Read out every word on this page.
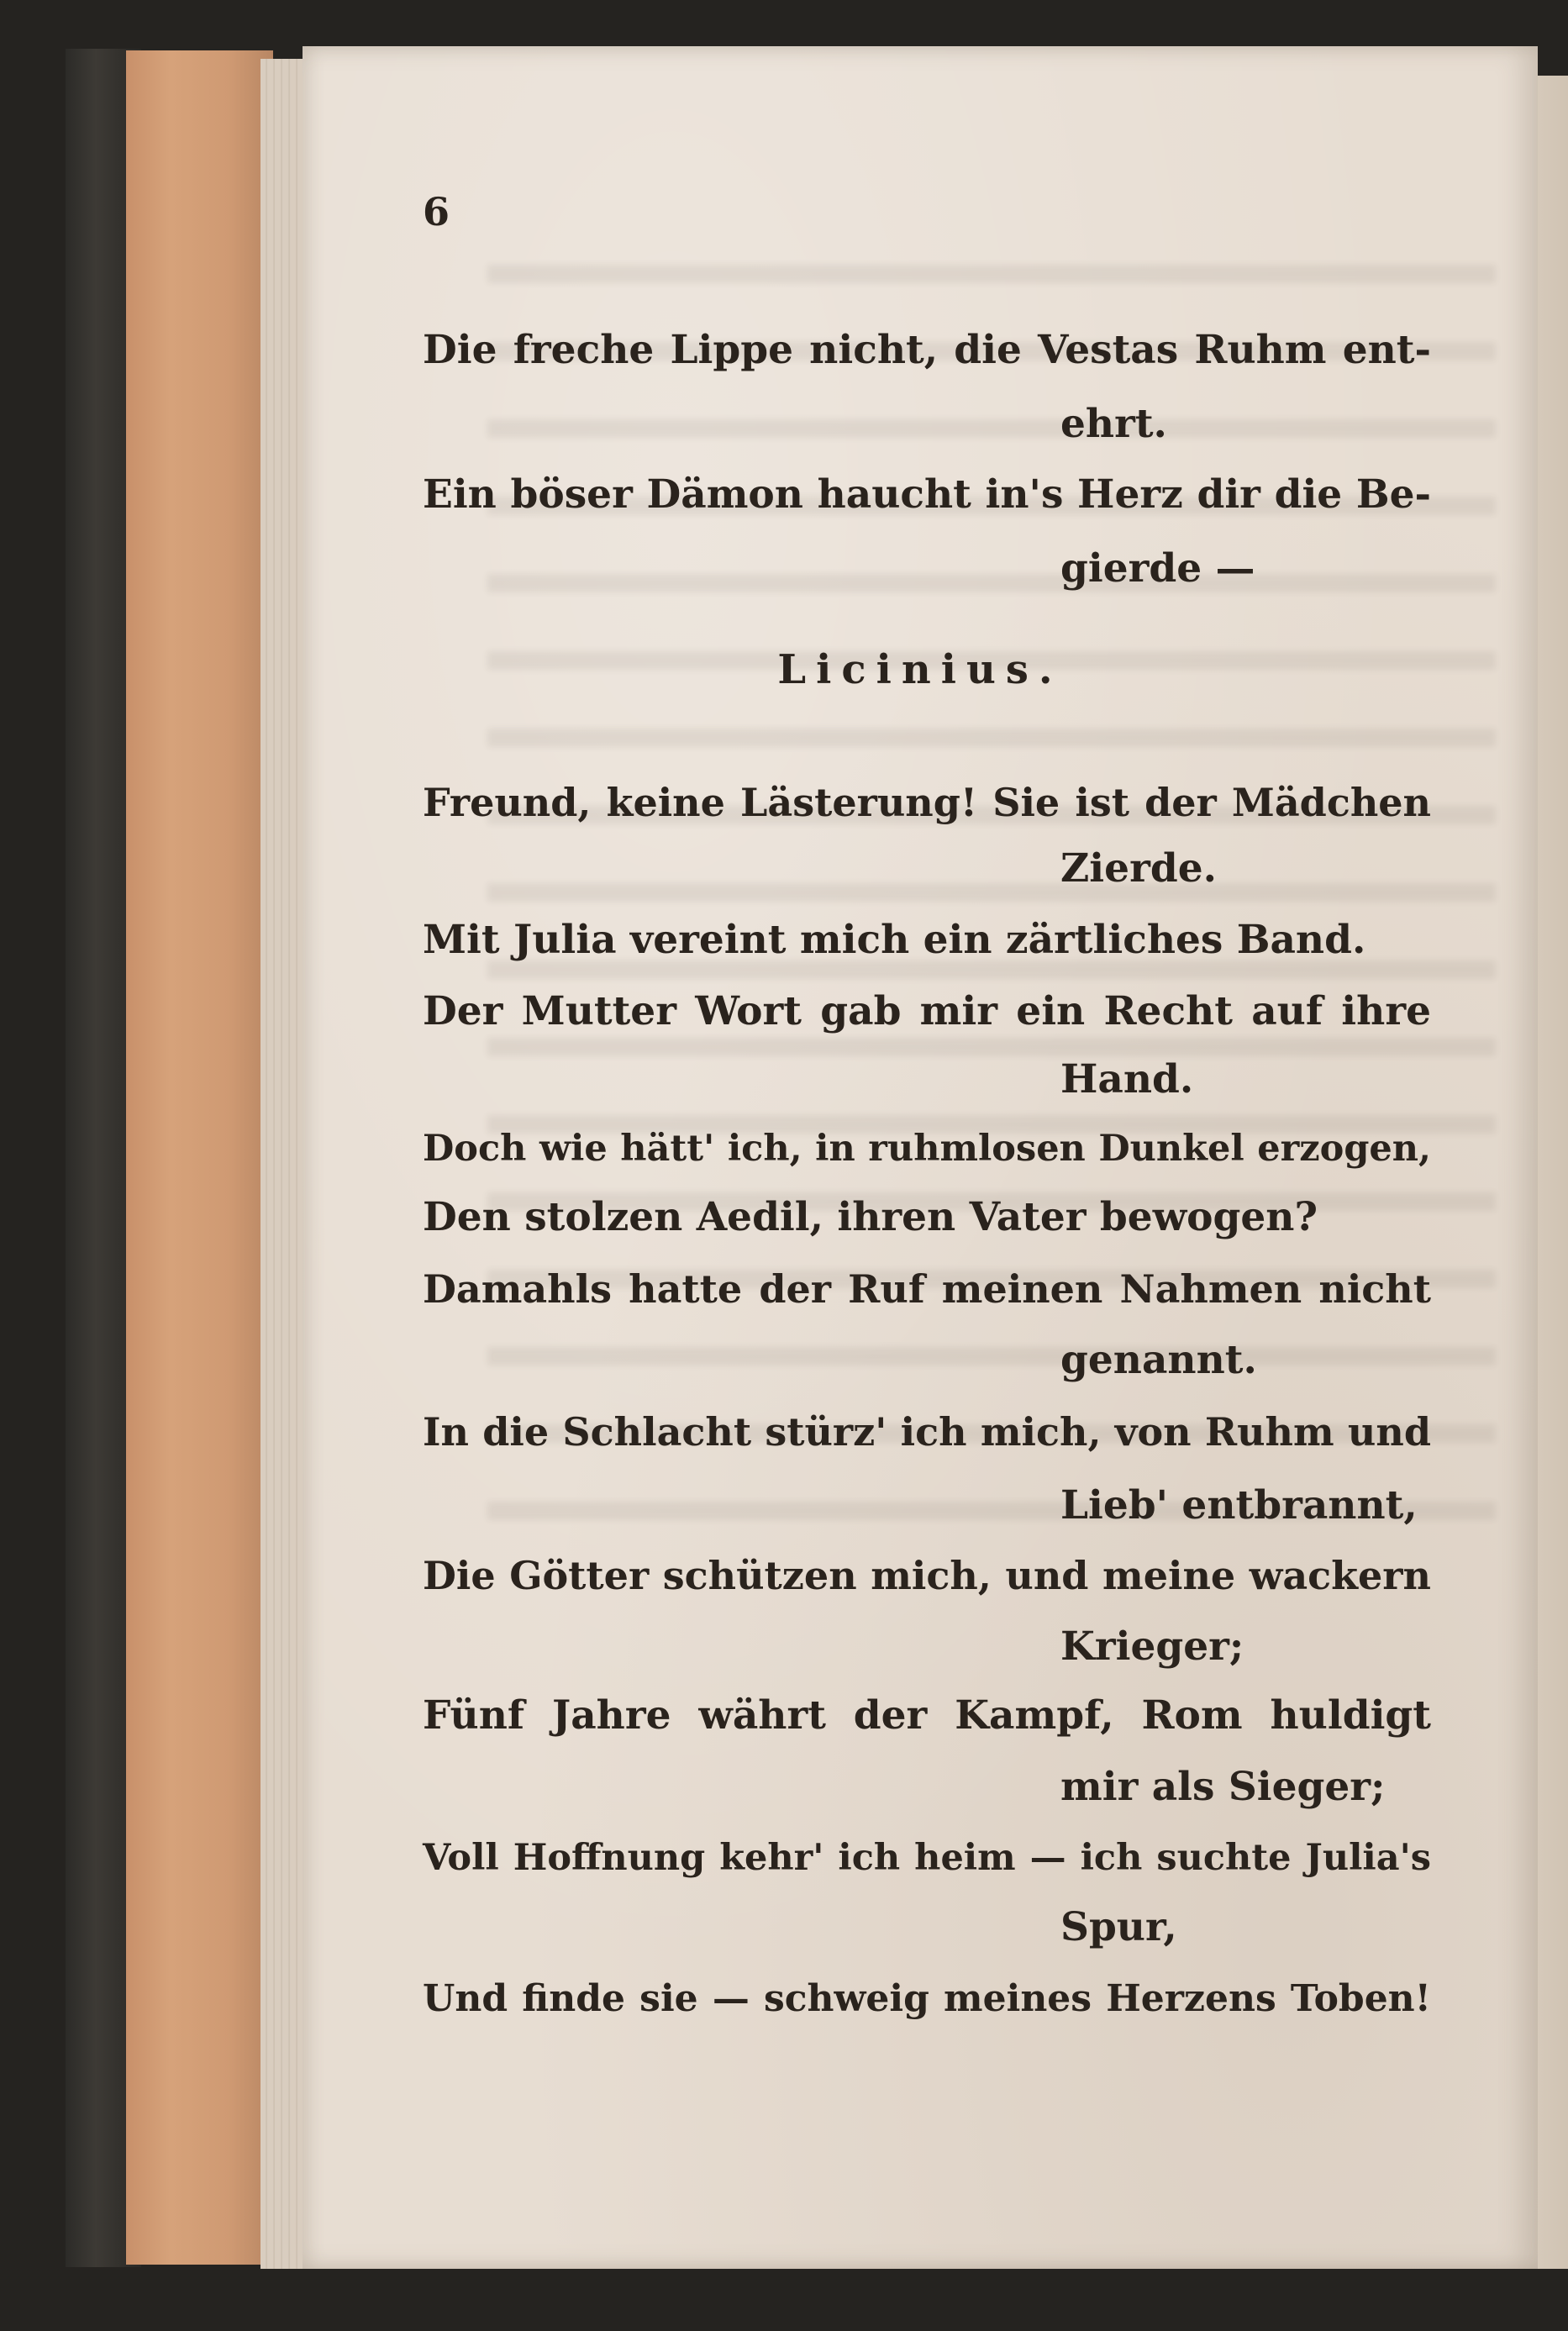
6
Die freche Lippe nicht, die Vestas Ruhm ent-
ehrt.
Ein böser Dämon haucht in's Herz dir die Be-
gierde —
Licinius.
Freund, keine Lästerung! Sie ist der Mädchen
Zierde.
Mit Julia vereint mich ein zärtliches Band.
Der Mutter Wort gab mir ein Recht auf ihre
Hand.
Doch wie hätt' ich, in ruhmlosen Dunkel erzogen,
Den stolzen Aedil, ihren Vater bewogen?
Damahls hatte der Ruf meinen Nahmen nicht
genannt.
In die Schlacht stürz' ich mich, von Ruhm und
Lieb' entbrannt,
Die Götter schützen mich, und meine wackern
Krieger;
Fünf Jahre währt der Kampf, Rom huldigt
mir als Sieger;
Voll Hoffnung kehr' ich heim — ich suchte Julia's
Spur,
Und finde sie — schweig meines Herzens Toben!
